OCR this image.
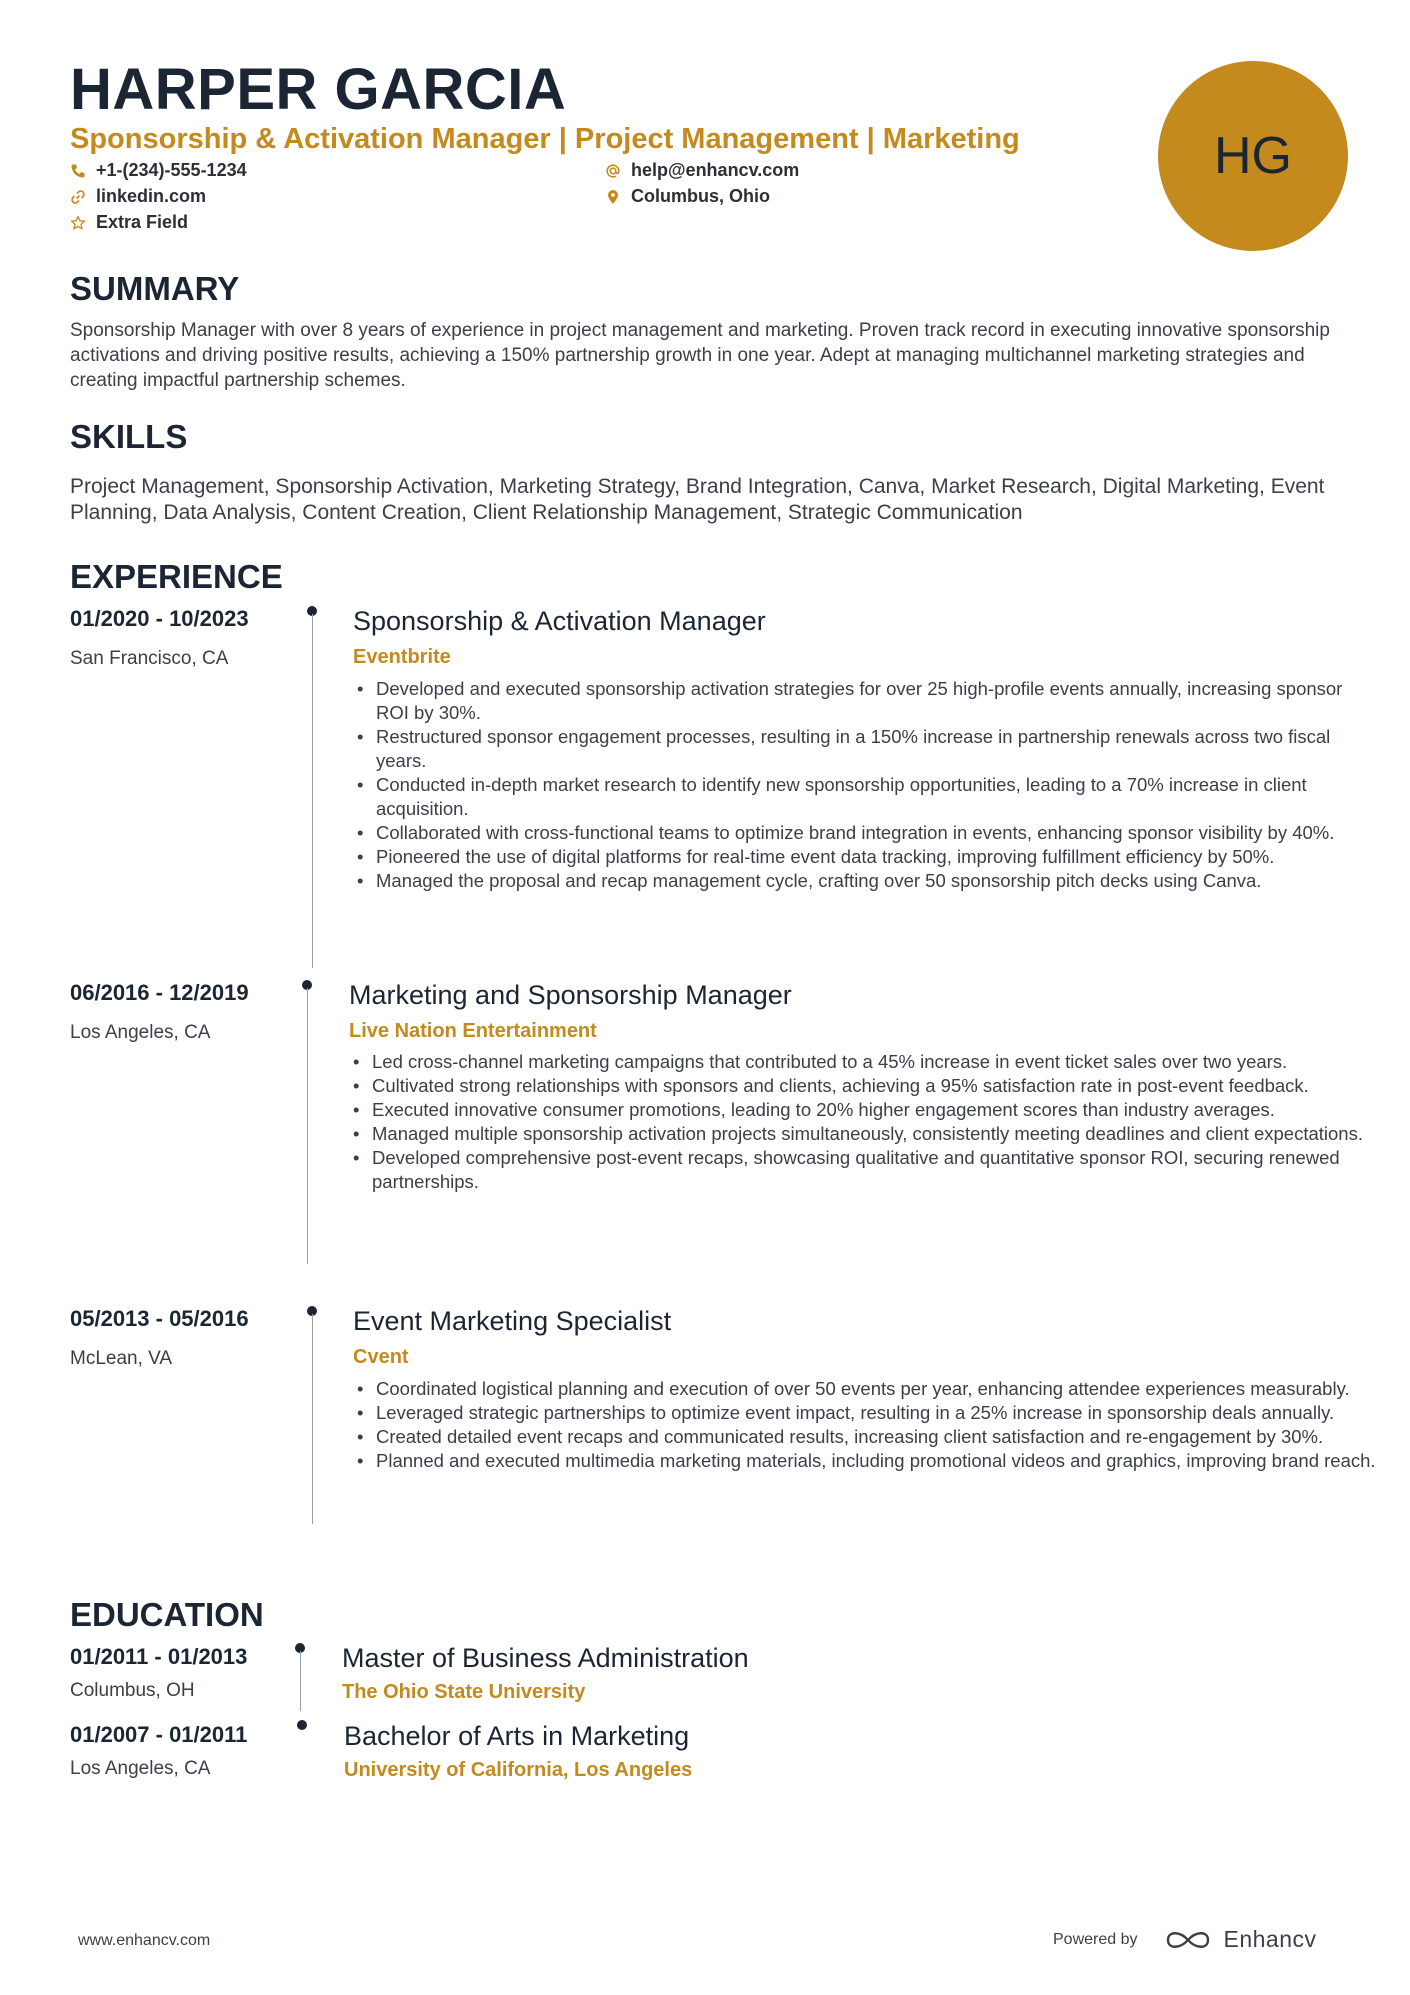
HARPER GARCIA
Sponsorship & Activation Manager | Project Management | Marketing
+1-(234)-555-1234	help@enhancv.com
linkedin.com	Columbus, Ohio
Extra Field
HG
SUMMARY

Sponsorship Manager with over 8 years of experience in project management and marketing. Proven track record in executing innovative sponsorship activations and driving positive results, achieving a 150% partnership growth in one year. Adept at managing multichannel marketing strategies and creating impactful partnership schemes.

SKILLS

Project Management, Sponsorship Activation, Marketing Strategy, Brand Integration, Canva, Market Research, Digital Marketing, Event Planning, Data Analysis, Content Creation, Client Relationship Management, Strategic Communication

EXPERIENCE
01/2020 - 10/2023
San Francisco, CA
Sponsorship & Activation Manager
Eventbrite
• Developed and executed sponsorship activation strategies for over 25 high-profile events annually, increasing sponsor ROI by 30%.
• Restructured sponsor engagement processes, resulting in a 150% increase in partnership renewals across two fiscal years.
• Conducted in-depth market research to identify new sponsorship opportunities, leading to a 70% increase in client acquisition.
• Collaborated with cross-functional teams to optimize brand integration in events, enhancing sponsor visibility by 40%.
• Pioneered the use of digital platforms for real-time event data tracking, improving fulfillment efficiency by 50%.
• Managed the proposal and recap management cycle, crafting over 50 sponsorship pitch decks using Canva.
06/2016 - 12/2019
Los Angeles, CA
Marketing and Sponsorship Manager
Live Nation Entertainment
• Led cross-channel marketing campaigns that contributed to a 45% increase in event ticket sales over two years.
• Cultivated strong relationships with sponsors and clients, achieving a 95% satisfaction rate in post-event feedback.
• Executed innovative consumer promotions, leading to 20% higher engagement scores than industry averages.
• Managed multiple sponsorship activation projects simultaneously, consistently meeting deadlines and client expectations.
• Developed comprehensive post-event recaps, showcasing qualitative and quantitative sponsor ROI, securing renewed partnerships.
05/2013 - 05/2016
McLean, VA
Event Marketing Specialist
Cvent
• Coordinated logistical planning and execution of over 50 events per year, enhancing attendee experiences measurably.
• Leveraged strategic partnerships to optimize event impact, resulting in a 25% increase in sponsorship deals annually.
• Created detailed event recaps and communicated results, increasing client satisfaction and re-engagement by 30%.
• Planned and executed multimedia marketing materials, including promotional videos and graphics, improving brand reach.
EDUCATION
01/2011 - 01/2013
Columbus, OH
Master of Business Administration
The Ohio State University
01/2007 - 01/2011
Los Angeles, CA
Bachelor of Arts in Marketing
University of California, Los Angeles
www.enhancv.com	Powered by	Enhancv
